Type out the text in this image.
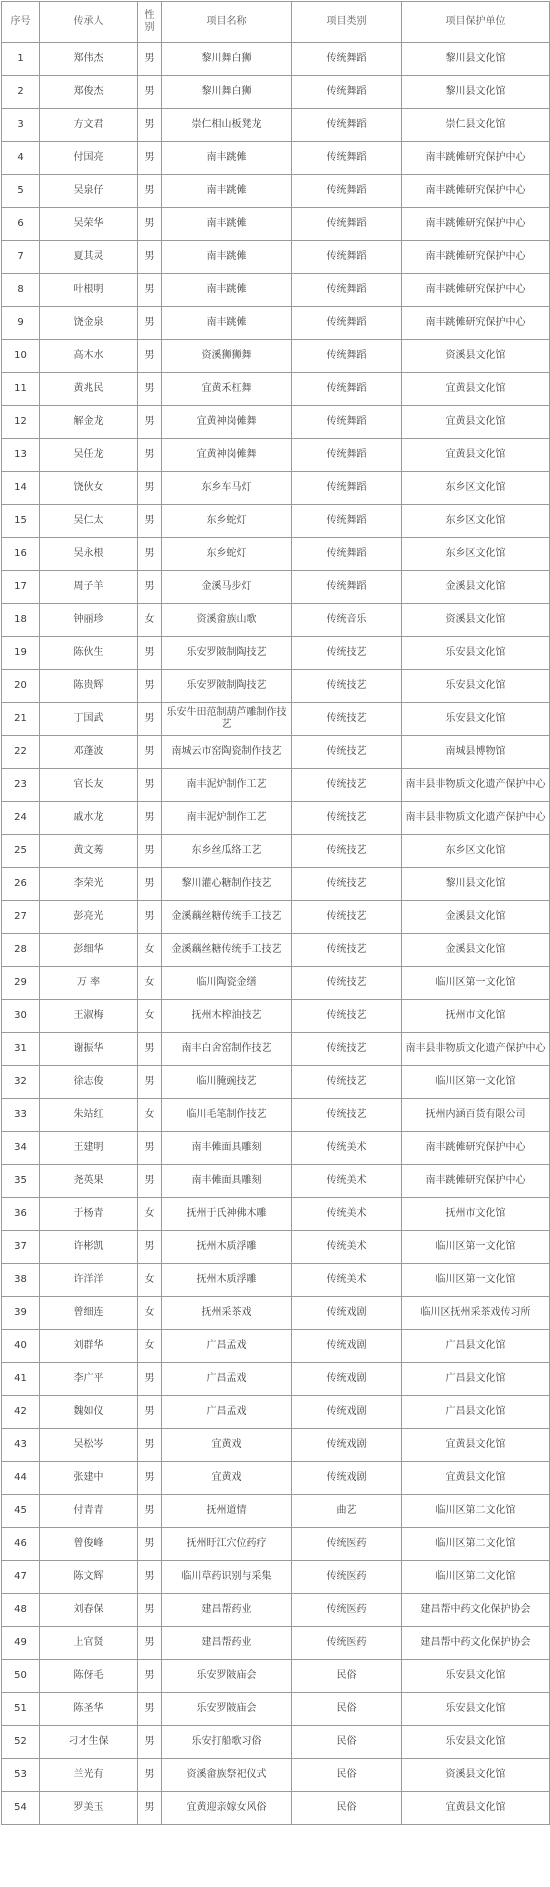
序号	传承人	性别	项目名称	项目类别	项目保护单位
1	郑伟杰	男	黎川舞白狮	传统舞蹈	黎川县文化馆
2	郑俊杰	男	黎川舞白狮	传统舞蹈	黎川县文化馆
3	方文君	男	崇仁相山板凳龙	传统舞蹈	崇仁县文化馆
4	付国亮	男	南丰跳傩	传统舞蹈	南丰跳傩研究保护中心
5	吴泉仔	男	南丰跳傩	传统舞蹈	南丰跳傩研究保护中心
6	吴荣华	男	南丰跳傩	传统舞蹈	南丰跳傩研究保护中心
7	夏其灵	男	南丰跳傩	传统舞蹈	南丰跳傩研究保护中心
8	叶根明	男	南丰跳傩	传统舞蹈	南丰跳傩研究保护中心
9	饶金泉	男	南丰跳傩	传统舞蹈	南丰跳傩研究保护中心
10	高木水	男	资溪狮狮舞	传统舞蹈	资溪县文化馆
11	黄兆民	男	宜黄禾杠舞	传统舞蹈	宜黄县文化馆
12	解金龙	男	宜黄神岗傩舞	传统舞蹈	宜黄县文化馆
13	吴任龙	男	宜黄神岗傩舞	传统舞蹈	宜黄县文化馆
14	饶伙女	男	东乡车马灯	传统舞蹈	东乡区文化馆
15	吴仁太	男	东乡蛇灯	传统舞蹈	东乡区文化馆
16	吴永根	男	东乡蛇灯	传统舞蹈	东乡区文化馆
17	周子羊	男	金溪马步灯	传统舞蹈	金溪县文化馆
18	钟丽珍	女	资溪畲族山歌	传统音乐	资溪县文化馆
19	陈伙生	男	乐安罗陂制陶技艺	传统技艺	乐安县文化馆
20	陈贵辉	男	乐安罗陂制陶技艺	传统技艺	乐安县文化馆
21	丁国武	男	乐安牛田范制葫芦雕制作技艺	传统技艺	乐安县文化馆
22	邓蓬波	男	南城云市窑陶瓷制作技艺	传统技艺	南城县博物馆
23	官长友	男	南丰泥炉制作工艺	传统技艺	南丰县非物质文化遗产保护中心
24	戚水龙	男	南丰泥炉制作工艺	传统技艺	南丰县非物质文化遗产保护中心
25	黄文莠	男	东乡丝瓜络工艺	传统技艺	东乡区文化馆
26	李荣光	男	黎川灌心糖制作技艺	传统技艺	黎川县文化馆
27	彭亮光	男	金溪藕丝糖传统手工技艺	传统技艺	金溪县文化馆
28	彭细华	女	金溪藕丝糖传统手工技艺	传统技艺	金溪县文化馆
29	万 率	女	临川陶瓷金缮	传统技艺	临川区第一文化馆
30	王淑梅	女	抚州木榨油技艺	传统技艺	抚州市文化馆
31	谢振华	男	南丰白舍窑制作技艺	传统技艺	南丰县非物质文化遗产保护中心
32	徐志俊	男	临川腌豌技艺	传统技艺	临川区第一文化馆
33	朱站红	女	临川毛笔制作技艺	传统技艺	抚州内涵百货有限公司
34	王建明	男	南丰傩面具雕刻	传统美术	南丰跳傩研究保护中心
35	尧英果	男	南丰傩面具雕刻	传统美术	南丰跳傩研究保护中心
36	于杨青	女	抚州于氏神佛木雕	传统美术	抚州市文化馆
37	许彬凯	男	抚州木质浮雕	传统美术	临川区第一文化馆
38	许洋洋	女	抚州木质浮雕	传统美术	临川区第一文化馆
39	曾细连	女	抚州采茶戏	传统戏剧	临川区抚州采茶戏传习所
40	刘群华	女	广昌孟戏	传统戏剧	广昌县文化馆
41	李广平	男	广昌孟戏	传统戏剧	广昌县文化馆
42	魏如仪	男	广昌孟戏	传统戏剧	广昌县文化馆
43	吴松岑	男	宜黄戏	传统戏剧	宜黄县文化馆
44	张建中	男	宜黄戏	传统戏剧	宜黄县文化馆
45	付青青	男	抚州道情	曲艺	临川区第二文化馆
46	曾俊峰	男	抚州盱江穴位药疗	传统医药	临川区第二文化馆
47	陈文辉	男	临川草药识别与采集	传统医药	临川区第二文化馆
48	刘春保	男	建昌帮药业	传统医药	建昌帮中药文化保护协会
49	上官贤	男	建昌帮药业	传统医药	建昌帮中药文化保护协会
50	陈伢毛	男	乐安罗陂庙会	民俗	乐安县文化馆
51	陈圣华	男	乐安罗陂庙会	民俗	乐安县文化馆
52	刁才生保	男	乐安打船歌习俗	民俗	乐安县文化馆
53	兰光有	男	资溪畲族祭祀仪式	民俗	资溪县文化馆
54	罗美玉	男	宜黄迎亲嫁女风俗	民俗	宜黄县文化馆
